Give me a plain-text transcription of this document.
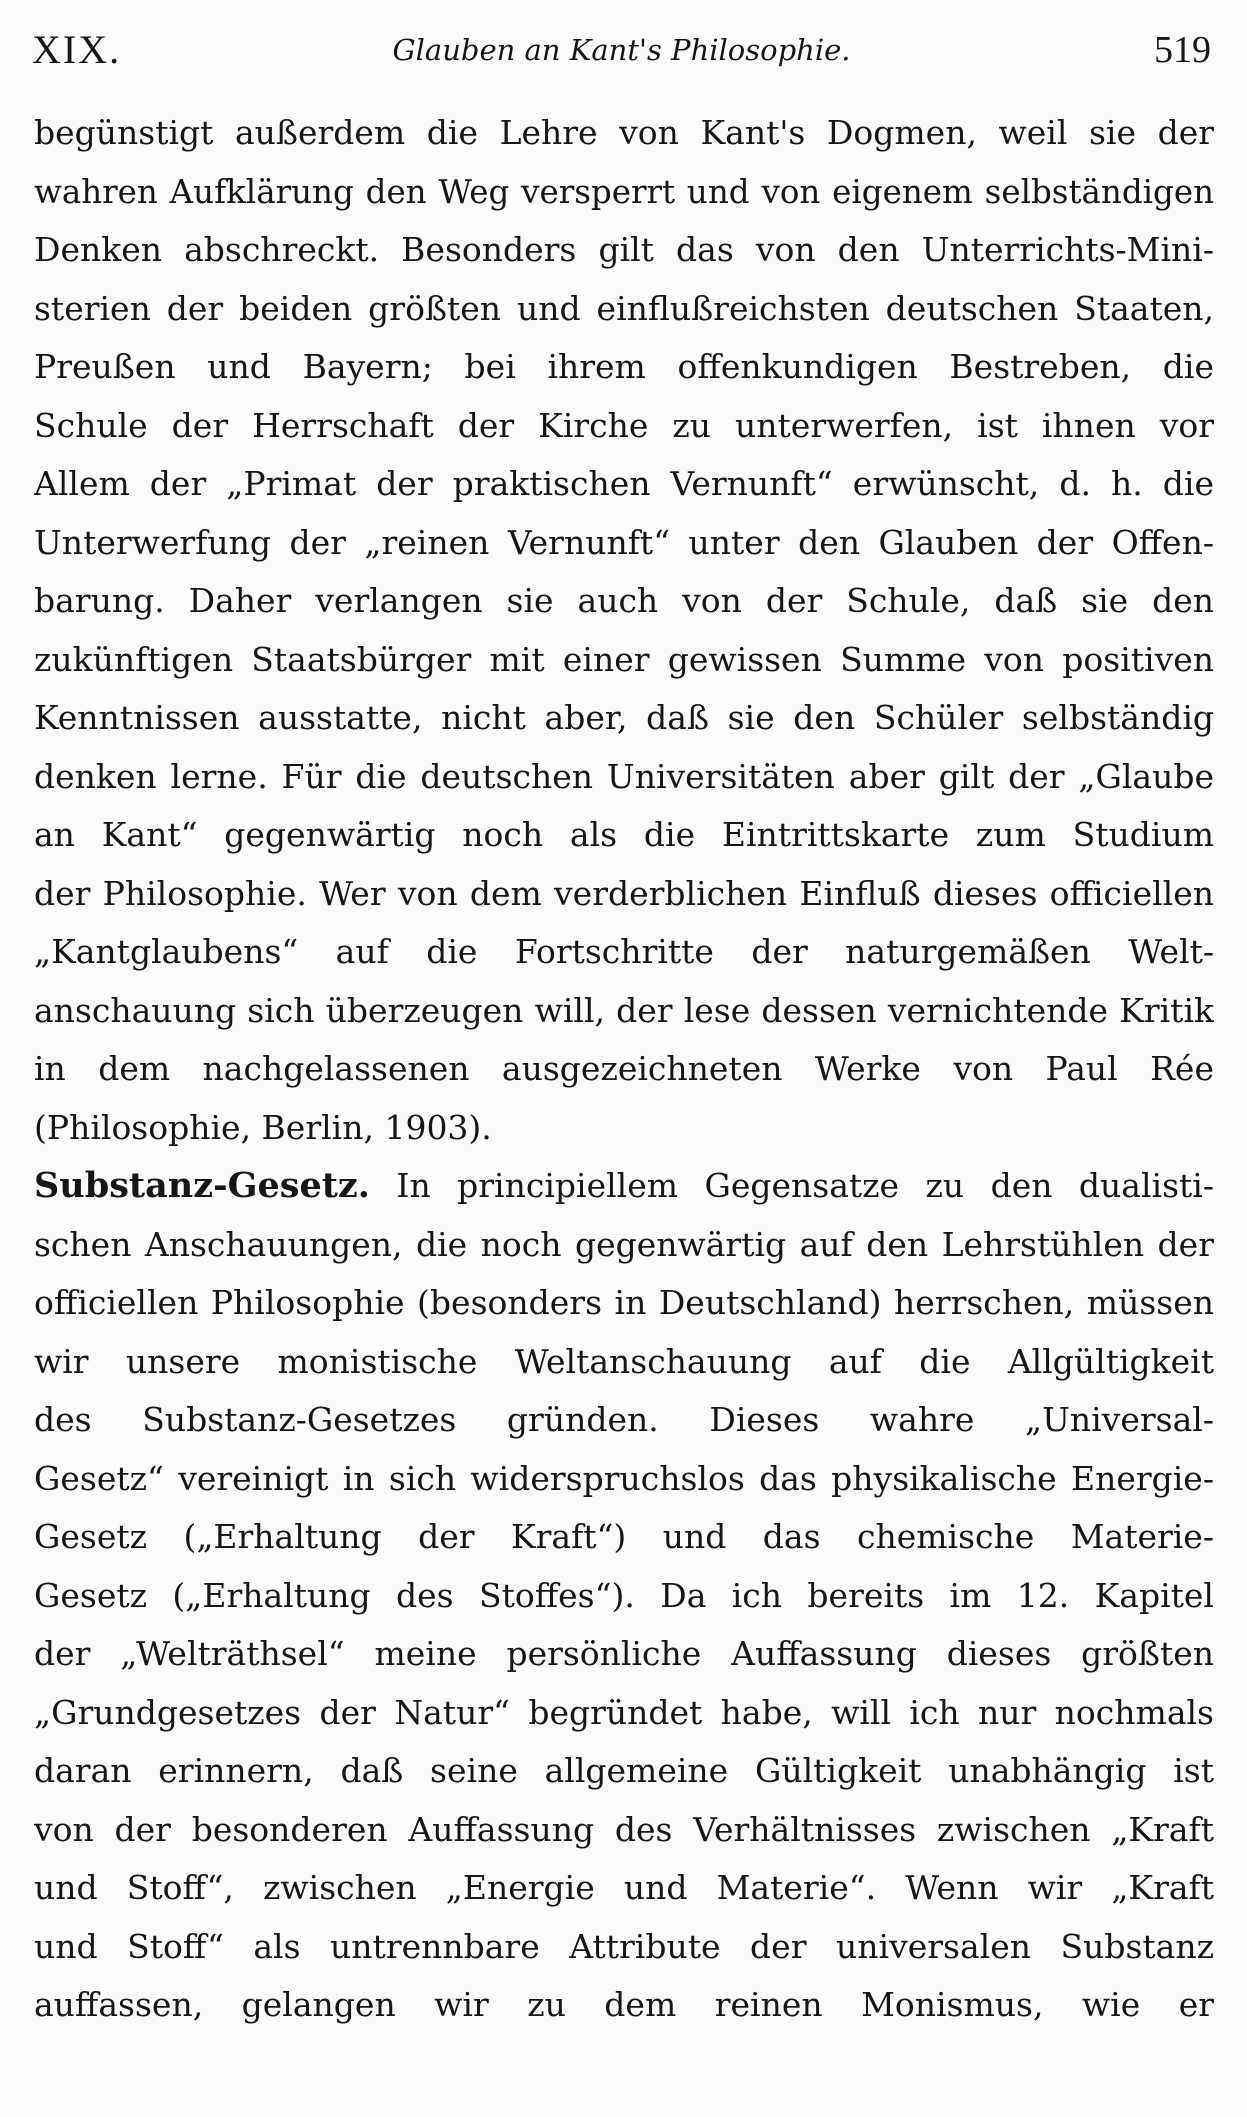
XIX.	Glauben an Kant's Philosophie.	519
begünstigt außerdem die Lehre von Kant's Dogmen, weil sie der
wahren Aufklärung den Weg versperrt und von eigenem selbständigen
Denken abschreckt. Besonders gilt das von den Unterrichts-Mini-
sterien der beiden größten und einflußreichsten deutschen Staaten,
Preußen und Bayern; bei ihrem offenkundigen Bestreben, die
Schule der Herrschaft der Kirche zu unterwerfen, ist ihnen vor
Allem der „Primat der praktischen Vernunft“ erwünscht, d. h. die
Unterwerfung der „reinen Vernunft“ unter den Glauben der Offen-
barung. Daher verlangen sie auch von der Schule, daß sie den
zukünftigen Staatsbürger mit einer gewissen Summe von positiven
Kenntnissen ausstatte, nicht aber, daß sie den Schüler selbständig
denken lerne. Für die deutschen Universitäten aber gilt der „Glaube
an Kant“ gegenwärtig noch als die Eintrittskarte zum Studium
der Philosophie. Wer von dem verderblichen Einfluß dieses officiellen
„Kantglaubens“ auf die Fortschritte der naturgemäßen Welt-
anschauung sich überzeugen will, der lese dessen vernichtende Kritik
in dem nachgelassenen ausgezeichneten Werke von Paul Rée
(Philosophie, Berlin, 1903).
Substanz-Gesetz. In principiellem Gegensatze zu den dualisti-
schen Anschauungen, die noch gegenwärtig auf den Lehrstühlen der
officiellen Philosophie (besonders in Deutschland) herrschen, müssen
wir unsere monistische Weltanschauung auf die Allgültigkeit
des Substanz-Gesetzes gründen. Dieses wahre „Universal-
Gesetz“ vereinigt in sich widerspruchslos das physikalische Energie-
Gesetz („Erhaltung der Kraft“) und das chemische Materie-
Gesetz („Erhaltung des Stoffes“). Da ich bereits im 12. Kapitel
der „Welträthsel“ meine persönliche Auffassung dieses größten
„Grundgesetzes der Natur“ begründet habe, will ich nur nochmals
daran erinnern, daß seine allgemeine Gültigkeit unabhängig ist
von der besonderen Auffassung des Verhältnisses zwischen „Kraft
und Stoff“, zwischen „Energie und Materie“. Wenn wir „Kraft
und Stoff“ als untrennbare Attribute der universalen Substanz
auffassen, gelangen wir zu dem reinen Monismus, wie er
